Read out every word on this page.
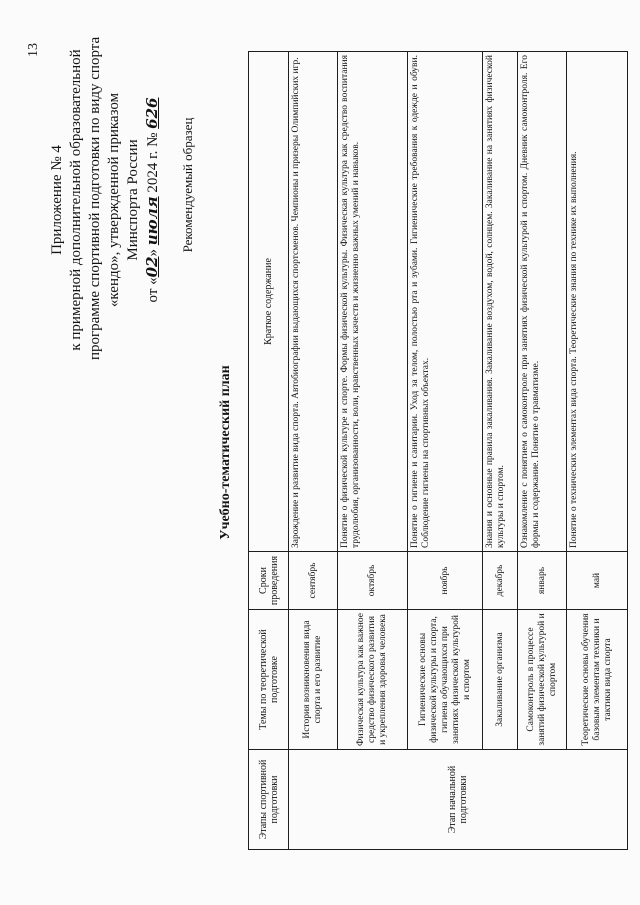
13
Приложение № 4 к примерной дополнительной образовательной программе спортивной подготовки по виду спорта «кендо», утвержденной приказом Минспорта России
от «02» июля 2024 г. № 626
Рекомендуемый образец
Учебно-тематический план
Этапы спортивной подготовки	Темы по теоретической подготовке	Сроки проведения	Краткое содержание
Этап начальной подготовки	История возникновения вида спорта и его развитие	сентябрь	Зарождение и развитие вида спорта. Автобиографии выдающихся спортсменов. Чемпионы и призеры Олимпийских игр.
	Физическая культура как важное средство физического развития и укрепления здоровья человека	октябрь	Понятие о физической культуре и спорте. Формы физической культуры. Физическая культура как средство воспитания трудолюбия, организованности, воли, нравственных качеств и жизненно важных умений и навыков.
	Гигиенические основы физической культуры и спорта, гигиена обучающихся при занятиях физической культурой и спортом	ноябрь	Понятие о гигиене и санитарии. Уход за телом, полостью рта и зубами. Гигиенические требования к одежде и обуви. Соблюдение гигиены на спортивных объектах.
	Закаливание организма	декабрь	Знания и основные правила закаливания. Закаливание воздухом, водой, солнцем. Закаливание на занятиях физической культуры и спортом.
	Самоконтроль в процессе занятий физической культурой и спортом	январь	Ознакомление с понятием о самоконтроле при занятиях физической культурой и спортом. Дневник самоконтроля. Его формы и содержание. Понятие о травматизме.
	Теоретические основы обучения базовым элементам техники и тактики вида спорта	май	Понятие о технических элементах вида спорта. Теоретические знания по технике их выполнения.
